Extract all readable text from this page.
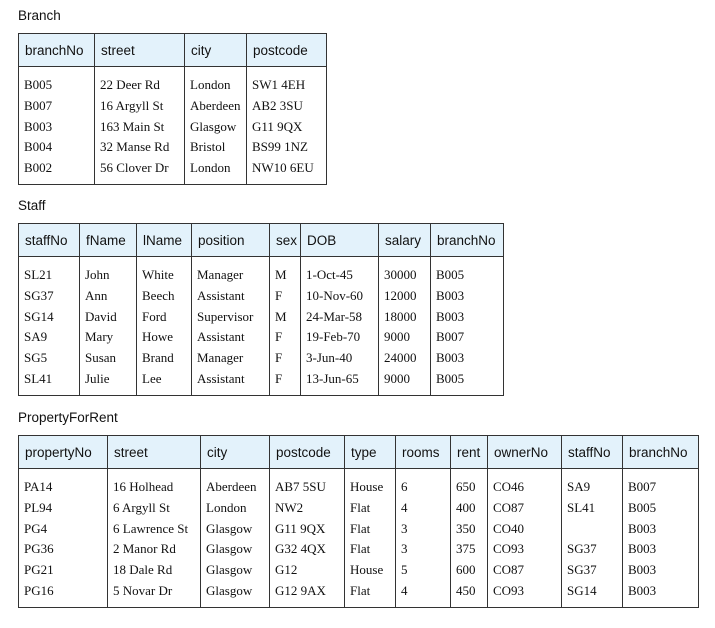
Branch
branchNo	street	city	postcode

B005	22 Deer Rd	London	SW1 4EH
B007	16 Argyll St	Aberdeen	AB2 3SU
B003	163 Main St	Glasgow	G11 9QX
B004	32 Manse Rd	Bristol	BS99 1NZ
B002	56 Clover Dr	London	NW10 6EU

Staff
staffNo	fName	lName	position	sex	DOB	salary	branchNo

SL21	John	White	Manager	M	1-Oct-45	30000	B005
SG37	Ann	Beech	Assistant	F	10-Nov-60	12000	B003
SG14	David	Ford	Supervisor	M	24-Mar-58	18000	B003
SA9	Mary	Howe	Assistant	F	19-Feb-70	9000	B007
SG5	Susan	Brand	Manager	F	3-Jun-40	24000	B003
SL41	Julie	Lee	Assistant	F	13-Jun-65	9000	B005

PropertyForRent
propertyNo	street	city	postcode	type	rooms	rent	ownerNo	staffNo	branchNo

PA14	16 Holhead	Aberdeen	AB7 5SU	House	6	650	CO46	SA9	B007
PL94	6 Argyll St	London	NW2	Flat	4	400	CO87	SL41	B005
PG4	6 Lawrence St	Glasgow	G11 9QX	Flat	3	350	CO40		B003
PG36	2 Manor Rd	Glasgow	G32 4QX	Flat	3	375	CO93	SG37	B003
PG21	18 Dale Rd	Glasgow	G12	House	5	600	CO87	SG37	B003
PG16	5 Novar Dr	Glasgow	G12 9AX	Flat	4	450	CO93	SG14	B003
